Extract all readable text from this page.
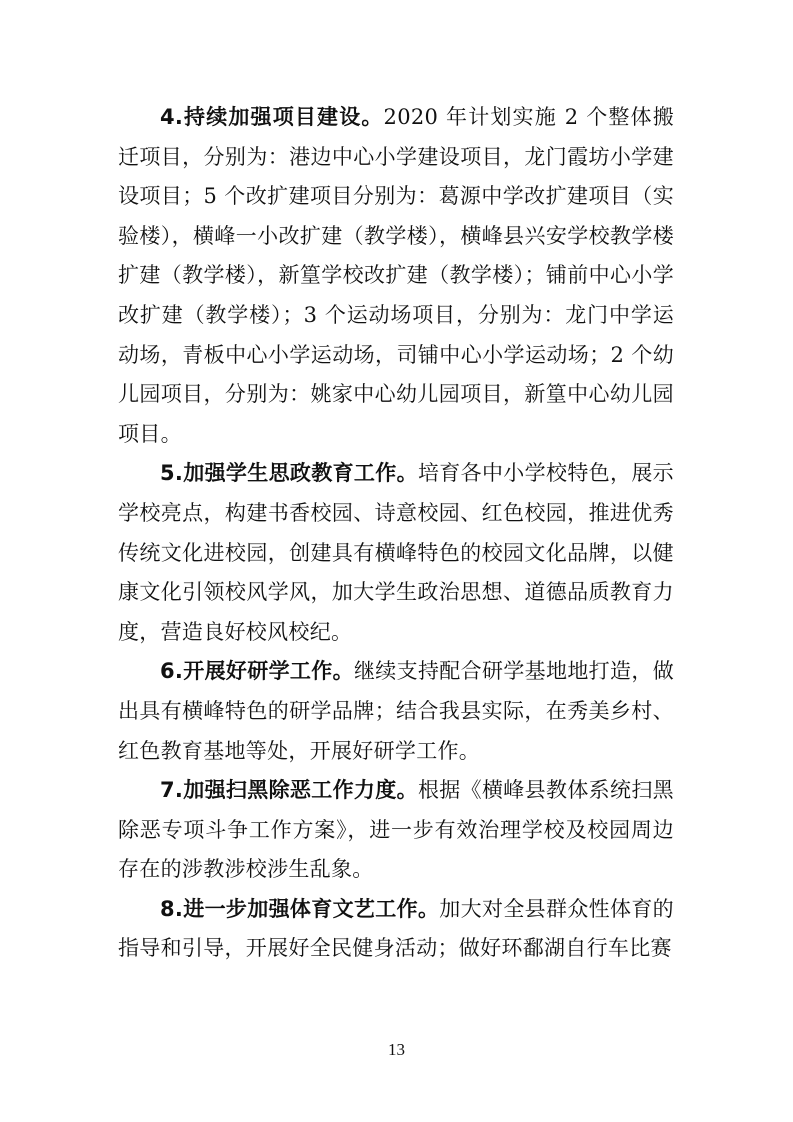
4.持续加强项目建设。2020 年计划实施 2 个整体搬迁项目，分别为：港边中心小学建设项目，龙门霞坊小学建设项目；5 个改扩建项目分别为：葛源中学改扩建项目（实验楼），横峰一小改扩建（教学楼），横峰县兴安学校教学楼扩建（教学楼），新篁学校改扩建（教学楼）；铺前中心小学改扩建（教学楼）；3 个运动场项目，分别为：龙门中学运动场，青板中心小学运动场，司铺中心小学运动场；2 个幼儿园项目，分别为：姚家中心幼儿园项目，新篁中心幼儿园项目。

5.加强学生思政教育工作。培育各中小学校特色，展示学校亮点，构建书香校园、诗意校园、红色校园，推进优秀传统文化进校园，创建具有横峰特色的校园文化品牌，以健康文化引领校风学风，加大学生政治思想、道德品质教育力度，营造良好校风校纪。

6.开展好研学工作。继续支持配合研学基地地打造，做出具有横峰特色的研学品牌；结合我县实际，在秀美乡村、红色教育基地等处，开展好研学工作。

7.加强扫黑除恶工作力度。根据《横峰县教体系统扫黑除恶专项斗争工作方案》，进一步有效治理学校及校园周边存在的涉教涉校涉生乱象。

8.进一步加强体育文艺工作。加大对全县群众性体育的指导和引导，开展好全民健身活动；做好环鄱湖自行车比赛

13
